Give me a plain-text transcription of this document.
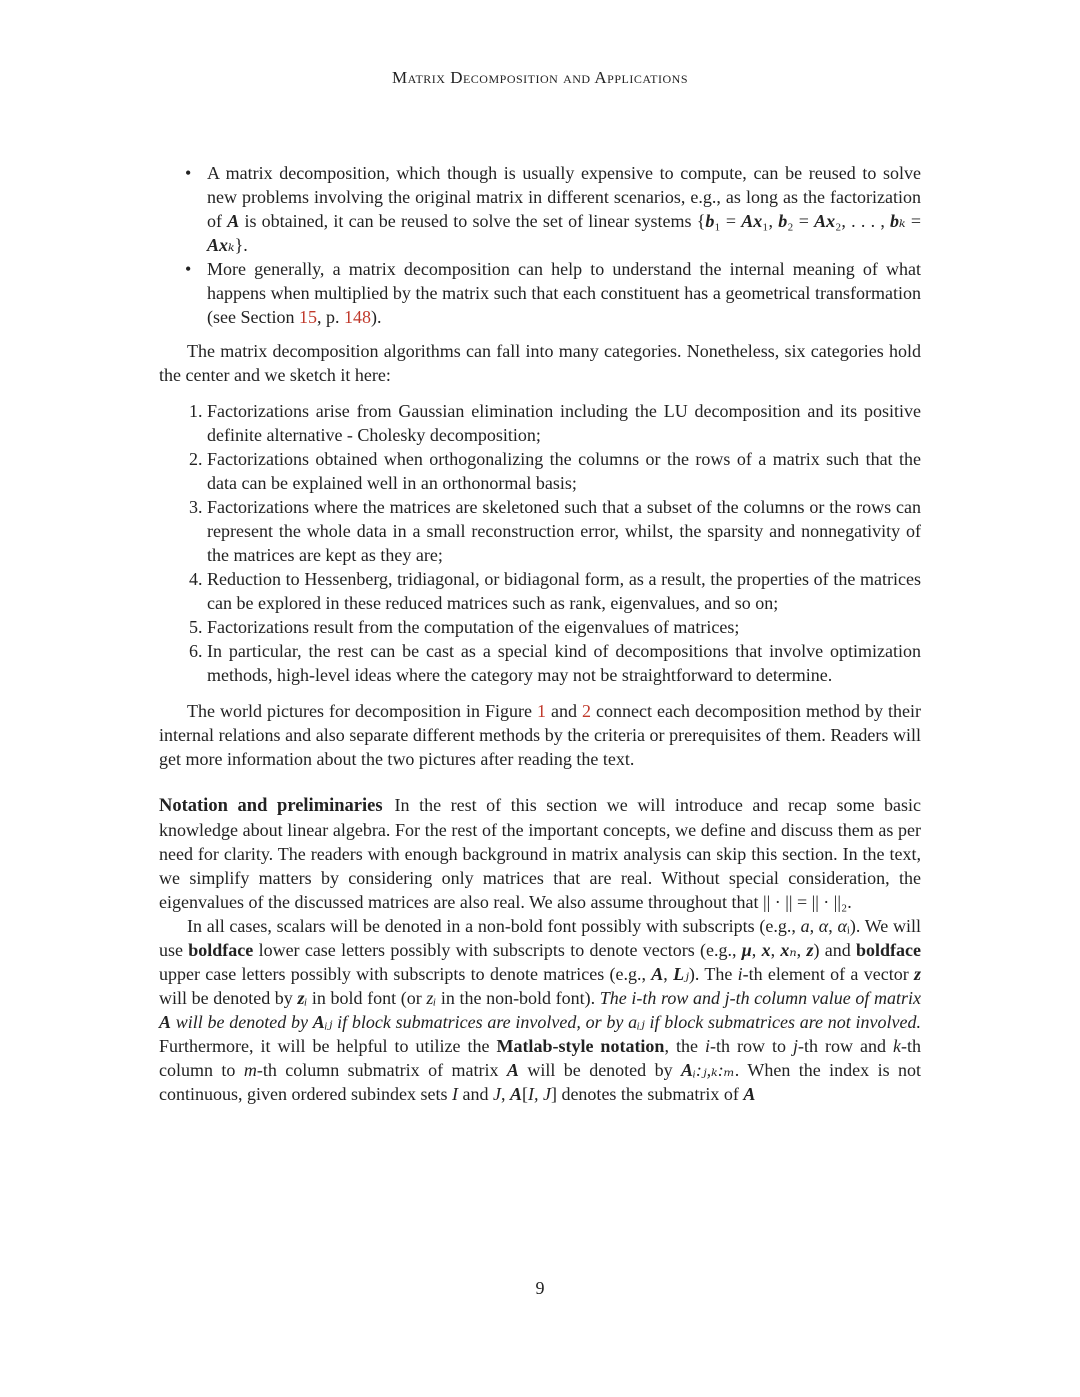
Matrix Decomposition and Applications
• A matrix decomposition, which though is usually expensive to compute, can be reused to solve new problems involving the original matrix in different scenarios, e.g., as long as the factorization of A is obtained, it can be reused to solve the set of linear systems {b₁ = Ax₁, b₂ = Ax₂, . . . , bₖ = Axₖ}.
• More generally, a matrix decomposition can help to understand the internal meaning of what happens when multiplied by the matrix such that each constituent has a geometrical transformation (see Section 15, p. 148).

The matrix decomposition algorithms can fall into many categories. Nonetheless, six categories hold the center and we sketch it here:

1. Factorizations arise from Gaussian elimination including the LU decomposition and its positive definite alternative - Cholesky decomposition;
2. Factorizations obtained when orthogonalizing the columns or the rows of a matrix such that the data can be explained well in an orthonormal basis;
3. Factorizations where the matrices are skeletoned such that a subset of the columns or the rows can represent the whole data in a small reconstruction error, whilst, the sparsity and nonnegativity of the matrices are kept as they are;
4. Reduction to Hessenberg, tridiagonal, or bidiagonal form, as a result, the properties of the matrices can be explored in these reduced matrices such as rank, eigenvalues, and so on;
5. Factorizations result from the computation of the eigenvalues of matrices;
6. In particular, the rest can be cast as a special kind of decompositions that involve optimization methods, high-level ideas where the category may not be straightforward to determine.

The world pictures for decomposition in Figure 1 and 2 connect each decomposition method by their internal relations and also separate different methods by the criteria or prerequisites of them. Readers will get more information about the two pictures after reading the text.

Notation and preliminaries In the rest of this section we will introduce and recap some basic knowledge about linear algebra. For the rest of the important concepts, we define and discuss them as per need for clarity. The readers with enough background in matrix analysis can skip this section. In the text, we simplify matters by considering only matrices that are real. Without special consideration, the eigenvalues of the discussed matrices are also real. We also assume throughout that || · || = || · ||₂.

In all cases, scalars will be denoted in a non-bold font possibly with subscripts (e.g., a, α, αᵢ). We will use boldface lower case letters possibly with subscripts to denote vectors (e.g., μ, x, xₙ, z) and boldface upper case letters possibly with subscripts to denote matrices (e.g., A, Lⱼ). The i-th element of a vector z will be denoted by zᵢ in bold font (or zᵢ in the non-bold font). The i-th row and j-th column value of matrix A will be denoted by Aᵢⱼ if block submatrices are involved, or by aᵢⱼ if block submatrices are not involved. Furthermore, it will be helpful to utilize the Matlab-style notation, the i-th row to j-th row and k-th column to m-th column submatrix of matrix A will be denoted by Aᵢ:ⱼ,ₖ:ₘ. When the index is not continuous, given ordered subindex sets I and J, A[I, J] denotes the submatrix of A

9
